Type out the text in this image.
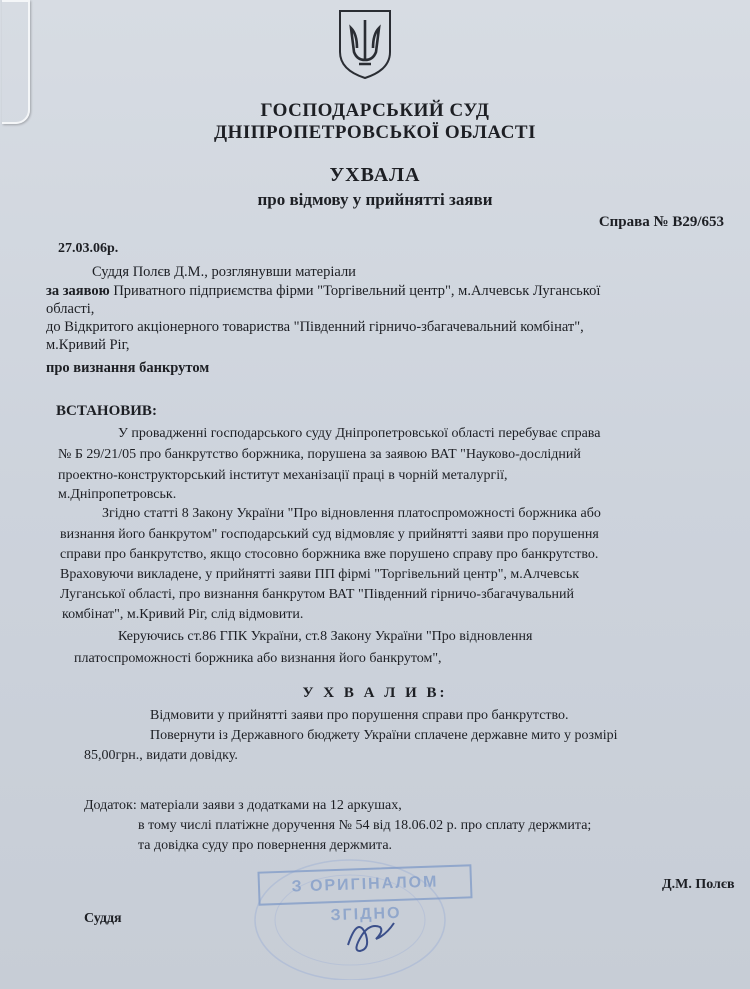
ГОСПОДАРСЬКИЙ СУД
ДНІПРОПЕТРОВСЬКОЇ ОБЛАСТІ
УХВАЛА
про відмову у прийнятті заяви
Справа № В29/653
27.03.06р.
Суддя Полєв Д.М., розглянувши матеріали
за заявою Приватного підприємства фірми "Торгівельний центр", м.Алчевськ Луганської
області,
до Відкритого акціонерного товариства "Південний гірничо-збагачевальний комбінат",
м.Кривий Ріг,
про визнання банкрутом
ВСТАНОВИВ:
У провадженні господарського суду Дніпропетровської області перебуває справа
№ Б 29/21/05 про банкрутство боржника, порушена за заявою ВАТ "Науково-дослідний
проектно-конструкторський інститут механізації праці в чорній металургії,
м.Дніпропетровськ.
Згідно статті 8 Закону України "Про відновлення платоспроможності боржника або
визнання його банкрутом" господарський суд відмовляє у прийнятті заяви про порушення
справи про банкрутство, якщо стосовно боржника вже порушено справу про банкрутство.
Враховуючи викладене, у прийнятті заяви ПП фірмі "Торгівельний центр", м.Алчевськ
Луганської області, про визнання банкрутом ВАТ "Південний гірничо-збагачувальний
комбінат", м.Кривий Ріг, слід відмовити.
Керуючись ст.86 ГПК України, ст.8 Закону України "Про відновлення
платоспроможності боржника або визнання його банкрутом",
У Х В А Л И В:
Відмовити у прийнятті заяви про порушення справи про банкрутство.
Повернути із Державного бюджету України сплачене державне мито у розмірі
85,00грн., видати довідку.
Додаток: матеріали заяви з додатками на 12 аркушах,
в тому числі платіжне доручення № 54 від 18.06.02 р. про сплату держмита;
та довідка суду про повернення держмита.
З ОРИГІНАЛОМ ЗГІДНО
Суддя
Д.М. Полєв
